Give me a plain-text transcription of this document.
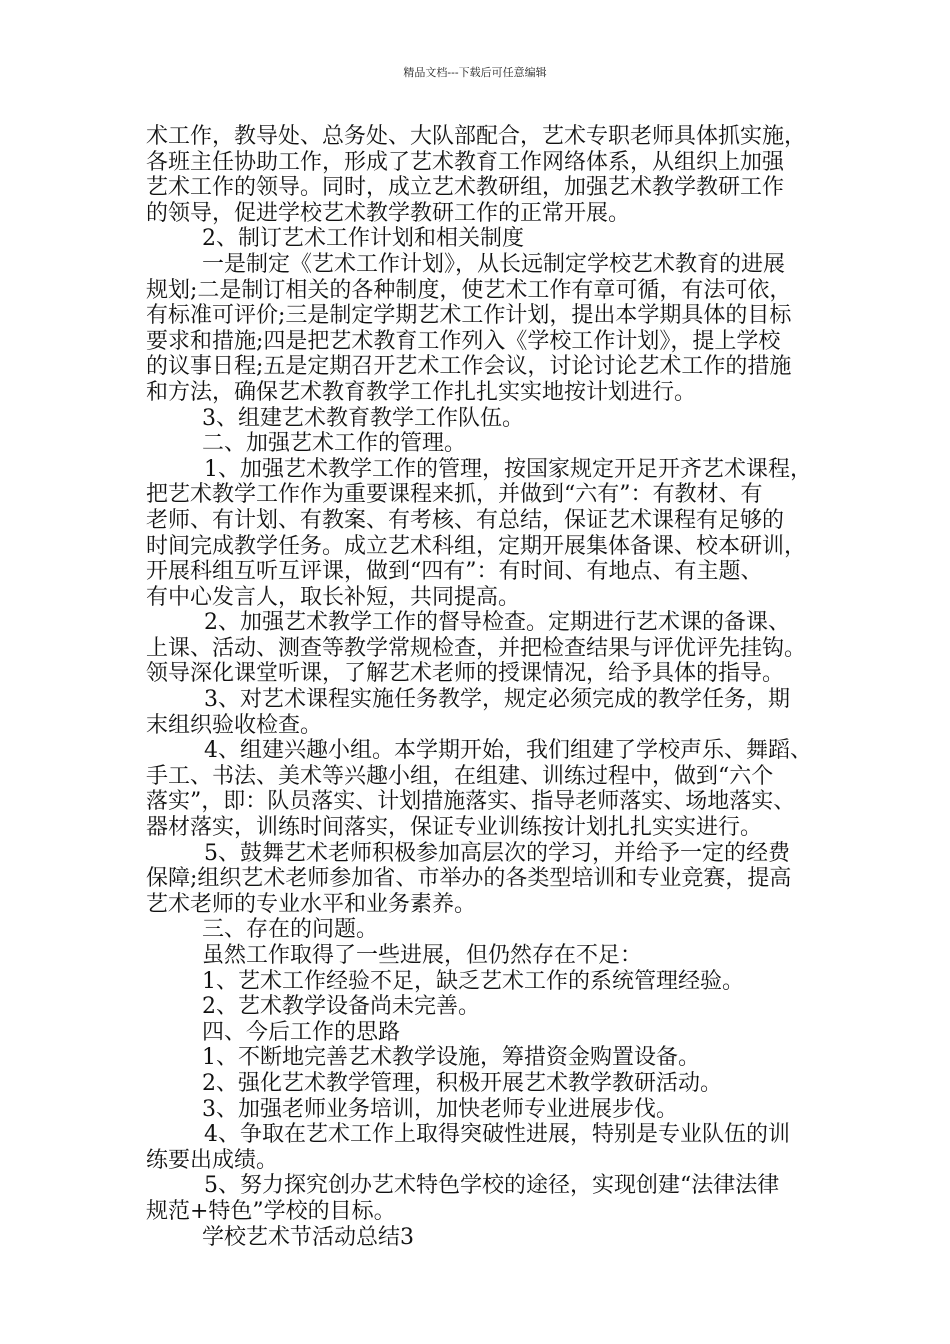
精品文档---下载后可任意编辑
术工作，教导处、总务处、大队部配合，艺术专职老师具体抓实施，
各班主任协助工作，形成了艺术教育工作网络体系，从组织上加强
艺术工作的领导。同时，成立艺术教研组，加强艺术教学教研工作
的领导，促进学校艺术教学教研工作的正常开展。
2、制订艺术工作计划和相关制度
一是制定《艺术工作计划》，从长远制定学校艺术教育的进展
规划;二是制订相关的各种制度，使艺术工作有章可循，有法可依，
有标准可评价;三是制定学期艺术工作计划，提出本学期具体的目标
要求和措施;四是把艺术教育工作列入《学校工作计划》，提上学校
的议事日程;五是定期召开艺术工作会议，讨论讨论艺术工作的措施
和方法，确保艺术教育教学工作扎扎实实地按计划进行。
3、组建艺术教育教学工作队伍。
二、加强艺术工作的管理。
1、加强艺术教学工作的管理，按国家规定开足开齐艺术课程，
把艺术教学工作作为重要课程来抓，并做到“六有”：有教材、有
老师、有计划、有教案、有考核、有总结，保证艺术课程有足够的
时间完成教学任务。成立艺术科组，定期开展集体备课、校本研训，
开展科组互听互评课，做到“四有”：有时间、有地点、有主题、
有中心发言人，取长补短，共同提高。
2、加强艺术教学工作的督导检查。定期进行艺术课的备课、
上课、活动、测查等教学常规检查，并把检查结果与评优评先挂钩。
领导深化课堂听课，了解艺术老师的授课情况，给予具体的指导。
3、对艺术课程实施任务教学，规定必须完成的教学任务，期
末组织验收检查。
4、组建兴趣小组。本学期开始，我们组建了学校声乐、舞蹈、
手工、书法、美术等兴趣小组，在组建、训练过程中，做到“六个
落实”，即：队员落实、计划措施落实、指导老师落实、场地落实、
器材落实，训练时间落实，保证专业训练按计划扎扎实实进行。
5、鼓舞艺术老师积极参加高层次的学习，并给予一定的经费
保障;组织艺术老师参加省、市举办的各类型培训和专业竞赛，提高
艺术老师的专业水平和业务素养。
三、存在的问题。
虽然工作取得了一些进展，但仍然存在不足：
1、艺术工作经验不足，缺乏艺术工作的系统管理经验。
2、艺术教学设备尚未完善。
四、今后工作的思路
1、不断地完善艺术教学设施，筹措资金购置设备。
2、强化艺术教学管理，积极开展艺术教学教研活动。
3、加强老师业务培训，加快老师专业进展步伐。
4、争取在艺术工作上取得突破性进展，特别是专业队伍的训
练要出成绩。
5、努力探究创办艺术特色学校的途径，实现创建“法律法律
规范+特色”学校的目标。
学校艺术节活动总结3
